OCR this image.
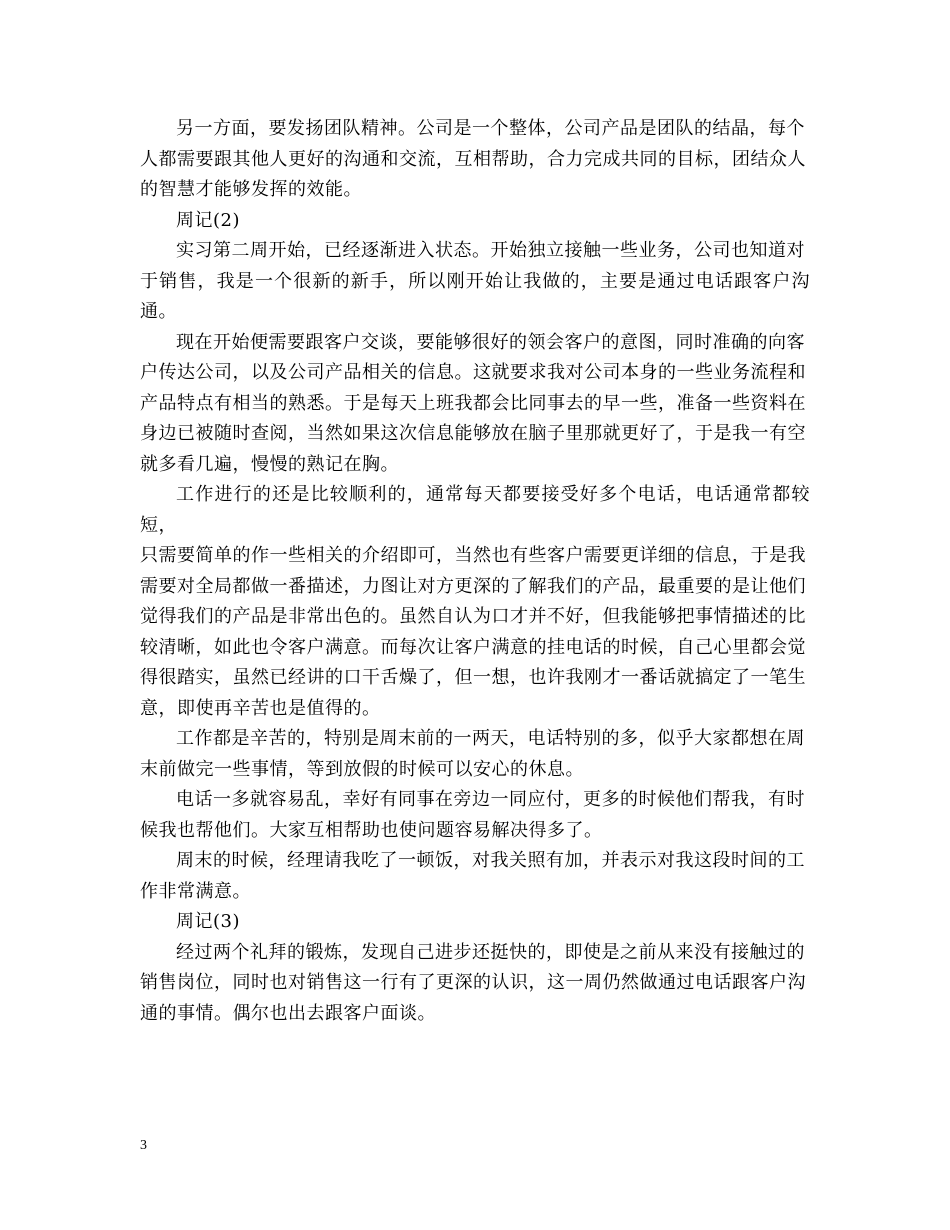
另一方面，要发扬团队精神。公司是一个整体，公司产品是团队的结晶，每个
人都需要跟其他人更好的沟通和交流，互相帮助，合力完成共同的目标，团结众人
的智慧才能够发挥的效能。

周记(2)

实习第二周开始，已经逐渐进入状态。开始独立接触一些业务，公司也知道对
于销售，我是一个很新的新手，所以刚开始让我做的，主要是通过电话跟客户沟通。

现在开始便需要跟客户交谈，要能够很好的领会客户的意图，同时准确的向客
户传达公司，以及公司产品相关的信息。这就要求我对公司本身的一些业务流程和
产品特点有相当的熟悉。于是每天上班我都会比同事去的早一些，准备一些资料在
身边已被随时查阅，当然如果这次信息能够放在脑子里那就更好了，于是我一有空
就多看几遍，慢慢的熟记在胸。

工作进行的还是比较顺利的，通常每天都要接受好多个电话，电话通常都较短，
只需要简单的作一些相关的介绍即可，当然也有些客户需要更详细的信息，于是我
需要对全局都做一番描述，力图让对方更深的了解我们的产品，最重要的是让他们
觉得我们的产品是非常出色的。虽然自认为口才并不好，但我能够把事情描述的比
较清晰，如此也令客户满意。而每次让客户满意的挂电话的时候，自己心里都会觉
得很踏实，虽然已经讲的口干舌燥了，但一想，也许我刚才一番话就搞定了一笔生
意，即使再辛苦也是值得的。

工作都是辛苦的，特别是周末前的一两天，电话特别的多，似乎大家都想在周
末前做完一些事情，等到放假的时候可以安心的休息。

电话一多就容易乱，幸好有同事在旁边一同应付，更多的时候他们帮我，有时
候我也帮他们。大家互相帮助也使问题容易解决得多了。

周末的时候，经理请我吃了一顿饭，对我关照有加，并表示对我这段时间的工
作非常满意。

周记(3)

经过两个礼拜的锻炼，发现自己进步还挺快的，即使是之前从来没有接触过的
销售岗位，同时也对销售这一行有了更深的认识，这一周仍然做通过电话跟客户沟
通的事情。偶尔也出去跟客户面谈。

3
